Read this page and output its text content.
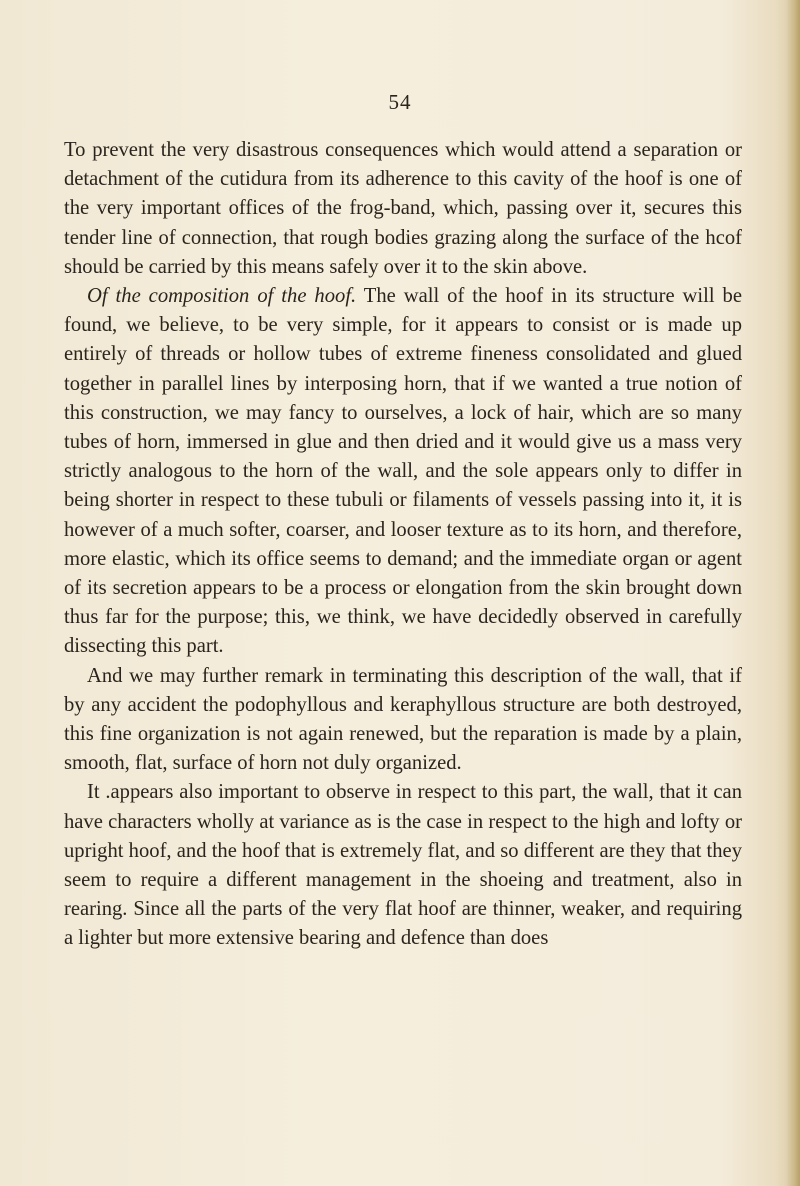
54

To prevent the very disastrous consequences which would attend a separation or detachment of the cutidura from its adherence to this cavity of the hoof is one of the very important offices of the frog-band, which, passing over it, secures this tender line of connection, that rough bodies grazing along the surface of the hcof should be carried by this means safely over it to the skin above.

Of the composition of the hoof. The wall of the hoof in its structure will be found, we believe, to be very simple, for it appears to consist or is made up entirely of threads or hollow tubes of extreme fineness consolidated and glued together in parallel lines by interposing horn, that if we wanted a true notion of this construction, we may fancy to ourselves, a lock of hair, which are so many tubes of horn, immersed in glue and then dried and it would give us a mass very strictly analogous to the horn of the wall, and the sole appears only to differ in being shorter in respect to these tubuli or filaments of vessels passing into it, it is however of a much softer, coarser, and looser texture as to its horn, and therefore, more elastic, which its office seems to demand; and the immediate organ or agent of its secretion appears to be a process or elongation from the skin brought down thus far for the purpose; this, we think, we have decidedly observed in carefully dissecting this part.

And we may further remark in terminating this description of the wall, that if by any accident the podophyllous and keraphyllous structure are both destroyed, this fine organization is not again renewed, but the reparation is made by a plain, smooth, flat, surface of horn not duly organized.

It .appears also important to observe in respect to this part, the wall, that it can have characters wholly at variance as is the case in respect to the high and lofty or upright hoof, and the hoof that is extremely flat, and so different are they that they seem to require a different management in the shoeing and treatment, also in rearing. Since all the parts of the very flat hoof are thinner, weaker, and requiring a lighter but more extensive bearing and defence than does
